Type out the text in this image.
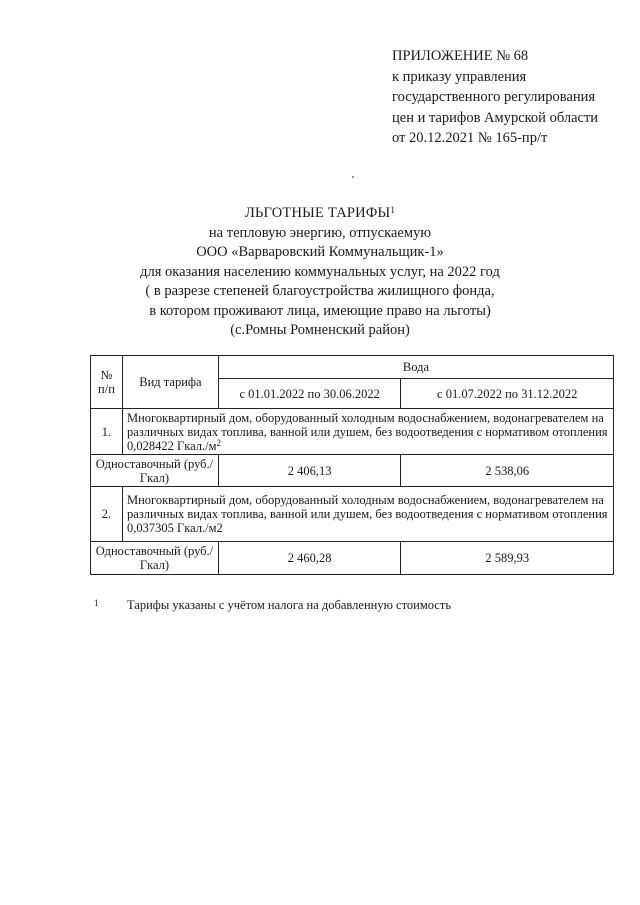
ПРИЛОЖЕНИЕ № 68
к приказу управления
государственного регулирования
цен и тарифов Амурской области
от 20.12.2021 № 165-пр/т
ЛЬГОТНЫЕ ТАРИФЫ$^1$
на тепловую энергию, отпускаемую
ООО «Варваровский Коммунальщик-1»
для оказания населению коммунальных услуг, на 2022 год
( в разрезе степеней благоустройства жилищного фонда,
в котором проживают лица, имеющие право на льготы)
(с.Ромны Ромненский район)
№ п/п	Вид тарифа	Вода	
		с 01.01.2022 по 30.06.2022	с 01.07.2022 по 31.12.2022
1.	Многоквартирный дом, оборудованный холодным водоснабжением, водонагревателем на различных видах топлива, ванной или душем, без водоотведения с нормативом отопления 0,028422 $Гкал./м^2$
Одноставочный (руб./Гкал)		2 406,13	2 538,06
2.	Многоквартирный дом, оборудованный холодным водоснабжением, водонагревателем на различных видах топлива, ванной или душем, без водоотведения с нормативом отопления 0,037305 Гкал./м2		
Одноставочный (руб./Гкал)		2 460,28	2 589,93
1 Тарифы указаны с учётом налога на добавленную стоимость
